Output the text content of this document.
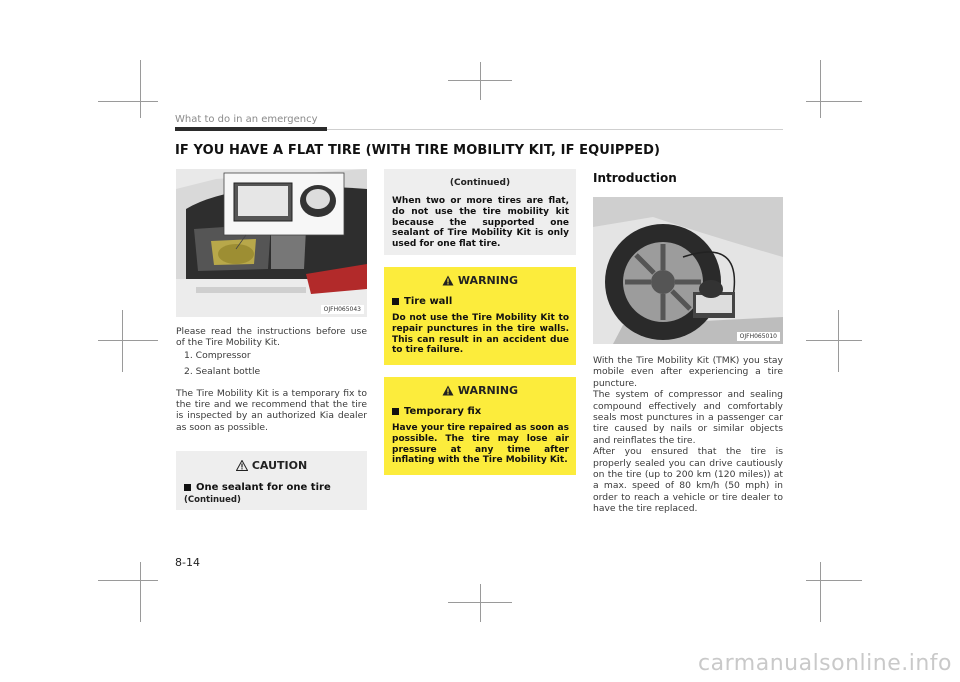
What to do in an emergency
IF YOU HAVE A FLAT TIRE (WITH TIRE MOBILITY KIT, IF EQUIPPED)
OJFH065043

Please read the instructions before use of the Tire Mobility Kit.

1. Compressor

2. Sealant bottle

The Tire Mobility Kit is a temporary fix to the tire and we recommend that the tire is inspected by an authorized Kia dealer as soon as possible.

CAUTION
One sealant for one tire
(Continued)
(Continued)
When two or more tires are flat, do not use the tire mobility kit because the supported one sealant of Tire Mobility Kit is only used for one flat tire.
WARNING
Tire wall
Do not use the Tire Mobility Kit to repair punctures in the tire walls. This can result in an accident due to tire failure.
WARNING
Temporary fix
Have your tire repaired as soon as possible. The tire may lose air pressure at any time after inflating with the Tire Mobility Kit.
Introduction
OJFH065010

With the Tire Mobility Kit (TMK) you stay mobile even after experiencing a tire puncture.

The system of compressor and sealing compound effectively and comfortably seals most punctures in a passenger car tire caused by nails or similar objects and reinflates the tire.

After you ensured that the tire is properly sealed you can drive cautiously on the tire (up to 200 km (120 miles)) at a max. speed of 80 km/h (50 mph) in order to reach a vehicle or tire dealer to have the tire replaced.

8-14
carmanualsonline.info
